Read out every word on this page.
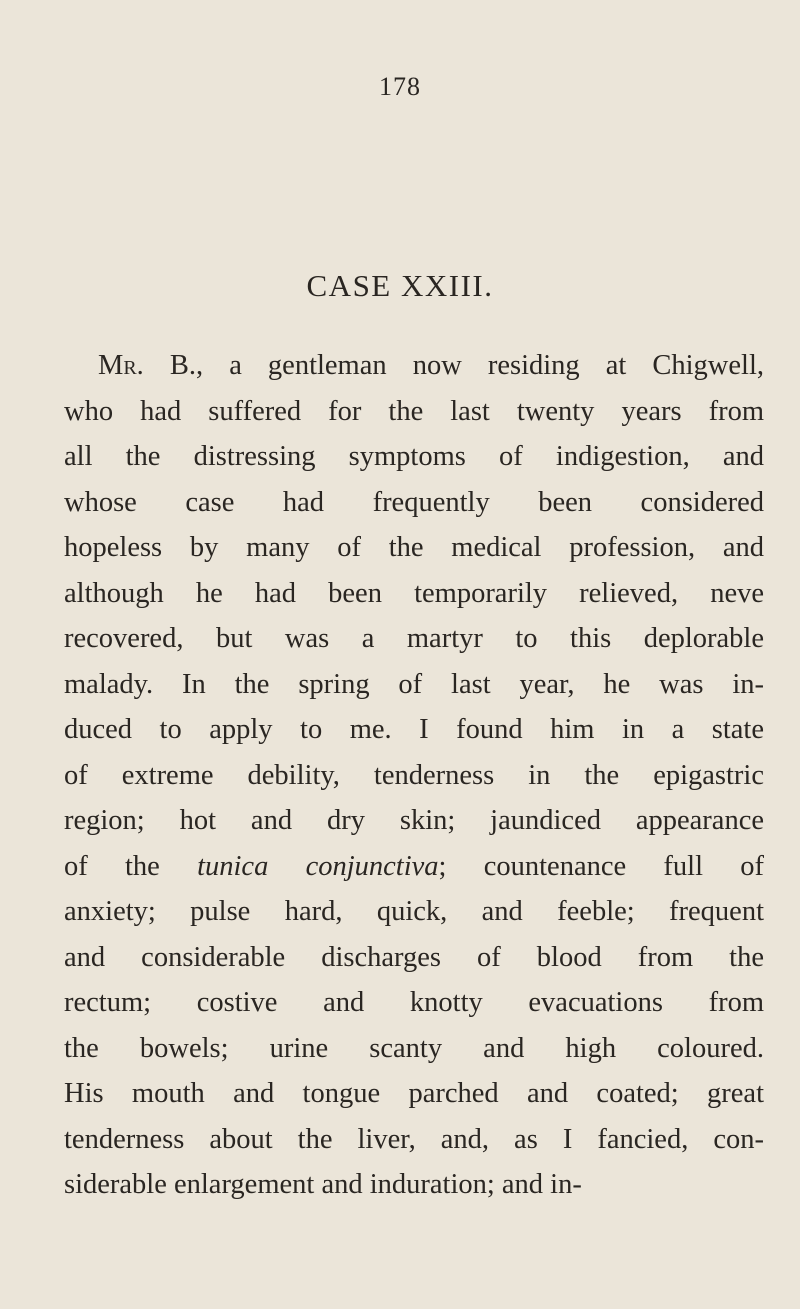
178
CASE XXIII.
Mr. B., a gentleman now residing at Chigwell,
who had suffered for the last twenty years from
all the distressing symptoms of indigestion, and
whose case had frequently been considered
hopeless by many of the medical profession, and
although he had been temporarily relieved, neve
recovered, but was a martyr to this deplorable
malady. In the spring of last year, he was in-
duced to apply to me. I found him in a state
of extreme debility, tenderness in the epigastric
region; hot and dry skin; jaundiced appearance
of the tunica conjunctiva; countenance full of
anxiety; pulse hard, quick, and feeble; frequent
and considerable discharges of blood from the
rectum; costive and knotty evacuations from
the bowels; urine scanty and high coloured.
His mouth and tongue parched and coated; great
tenderness about the liver, and, as I fancied, con-
siderable enlargement and induration; and in-
